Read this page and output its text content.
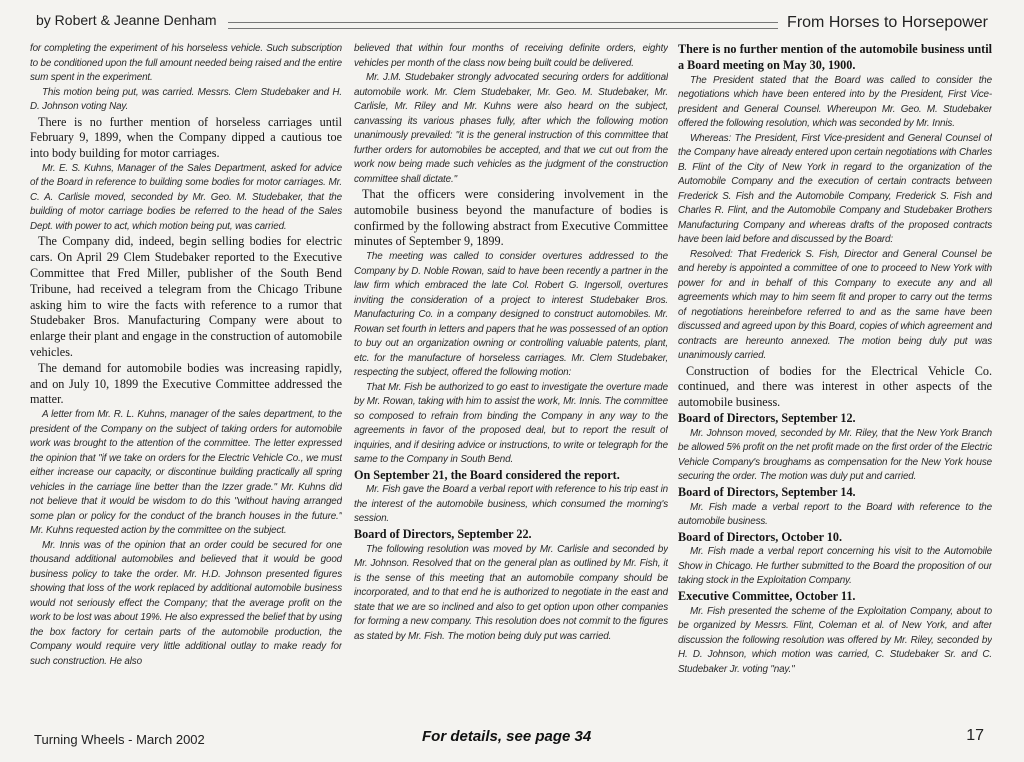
by Robert & Jeanne Denham	From Horses to Horsepower

for completing the experiment of his horseless vehicle. Such subscription to be conditioned upon the full amount needed being raised and the entire sum spent in the experiment.

This motion being put, was carried. Messrs. Clem Studebaker and H. D. Johnson voting Nay.

There is no further mention of horseless carriages until February 9, 1899, when the Company dipped a cautious toe into body building for motor carriages.

Mr. E. S. Kuhns, Manager of the Sales Department, asked for advice of the Board in reference to building some bodies for motor carriages. Mr. C. A. Carlisle moved, seconded by Mr. Geo. M. Studebaker, that the building of motor carriage bodies be referred to the head of the Sales Dept. with power to act, which motion being put, was carried.

The Company did, indeed, begin selling bodies for electric cars. On April 29 Clem Studebaker reported to the Executive Committee that Fred Miller, publisher of the South Bend Tribune, had received a telegram from the Chicago Tribune asking him to wire the facts with reference to a rumor that Studebaker Bros. Manufacturing Company were about to enlarge their plant and engage in the construction of automobile vehicles.

The demand for automobile bodies was increasing rapidly, and on July 10, 1899 the Executive Committee addressed the matter.

A letter from Mr. R. L. Kuhns, manager of the sales department, to the president of the Company on the subject of taking orders for automobile work was brought to the attention of the committee. The letter expressed the opinion that "if we take on orders for the Electric Vehicle Co., we must either increase our capacity, or discontinue building practically all spring vehicles in the carriage line better than the Izzer grade." Mr. Kuhns did not believe that it would be wisdom to do this "without having arranged some plan or policy for the conduct of the branch houses in the future." Mr. Kuhns requested action by the committee on the subject.

Mr. Innis was of the opinion that an order could be secured for one thousand additional automobiles and believed that it would be good business policy to take the order. Mr. H.D. Johnson presented figures showing that loss of the work replaced by additional automobile business would not seriously effect the Company; that the average profit on the work to be lost was about 19%. He also expressed the belief that by using the box factory for certain parts of the automobile production, the Company would require very little additional outlay to make ready for such construction. He also

believed that within four months of receiving definite orders, eighty vehicles per month of the class now being built could be delivered.

Mr. J.M. Studebaker strongly advocated securing orders for additional automobile work. Mr. Clem Studebaker, Mr. Geo. M. Studebaker, Mr. Carlisle, Mr. Riley and Mr. Kuhns were also heard on the subject, canvassing its various phases fully, after which the following motion unanimously prevailed: "it is the general instruction of this committee that further orders for automobiles be accepted, and that we cut out from the work now being made such vehicles as the judgment of the construction committee shall dictate."

That the officers were considering involvement in the automobile business beyond the manufacture of bodies is confirmed by the following abstract from Executive Committee minutes of September 9, 1899.

The meeting was called to consider overtures addressed to the Company by D. Noble Rowan, said to have been recently a partner in the law firm which embraced the late Col. Robert G. Ingersoll, overtures inviting the consideration of a project to interest Studebaker Bros. Manufacturing Co. in a company designed to construct automobiles. Mr. Rowan set fourth in letters and papers that he was possessed of an option to buy out an organization owning or controlling valuable patents, plant, etc. for the manufacture of horseless carriages. Mr. Clem Studebaker, respecting the subject, offered the following motion:

That Mr. Fish be authorized to go east to investigate the overture made by Mr. Rowan, taking with him to assist the work, Mr. Innis. The committee so composed to refrain from binding the Company in any way to the agreements in favor of the proposed deal, but to report the result of inquiries, and if desiring advice or instructions, to write or telegraph for the same to the Company in South Bend.

On September 21, the Board considered the report.

Mr. Fish gave the Board a verbal report with reference to his trip east in the interest of the automobile business, which consumed the morning's session.

Board of Directors, September 22.

The following resolution was moved by Mr. Carlisle and seconded by Mr. Johnson. Resolved that on the general plan as outlined by Mr. Fish, it is the sense of this meeting that an automobile company should be incorporated, and to that end he is authorized to negotiate in the east and state that we are so inclined and also to get option upon other companies for forming a new company. This resolution does not commit to the figures as stated by Mr. Fish. The motion being duly put was carried.

There is no further mention of the automobile business until a Board meeting on May 30, 1900.

The President stated that the Board was called to consider the negotiations which have been entered into by the President, First Vice-president and General Counsel. Whereupon Mr. Geo. M. Studebaker offered the following resolution, which was seconded by Mr. Innis.

Whereas: The President, First Vice-president and General Counsel of the Company have already entered upon certain negotiations with Charles B. Flint of the City of New York in regard to the organization of the Automobile Company and the execution of certain contracts between Frederick S. Fish and the Automobile Company, Frederick S. Fish and Charles R. Flint, and the Automobile Company and Studebaker Brothers Manufacturing Company and whereas drafts of the proposed contracts have been laid before and discussed by the Board:

Resolved: That Frederick S. Fish, Director and General Counsel be and hereby is appointed a committee of one to proceed to New York with power for and in behalf of this Company to execute any and all agreements which may to him seem fit and proper to carry out the terms of negotiations hereinbefore referred to and as the same have been discussed and agreed upon by this Board, copies of which agreement and contracts are hereunto annexed. The motion being duly put was unanimously carried.

Construction of bodies for the Electrical Vehicle Co. continued, and there was interest in other aspects of the automobile business.

Board of Directors, September 12.

Mr. Johnson moved, seconded by Mr. Riley, that the New York Branch be allowed 5% profit on the net profit made on the first order of the Electric Vehicle Company's broughams as compensation for the New York house securing the order. The motion was duly put and carried.

Board of Directors, September 14.

Mr. Fish made a verbal report to the Board with reference to the automobile business.

Board of Directors, October 10.

Mr. Fish made a verbal report concerning his visit to the Automobile Show in Chicago. He further submitted to the Board the proposition of our taking stock in the Exploitation Company.

Executive Committee, October 11.

Mr. Fish presented the scheme of the Exploitation Company, about to be organized by Messrs. Flint, Coleman et al. of New York, and after discussion the following resolution was offered by Mr. Riley, seconded by H. D. Johnson, which motion was carried, C. Studebaker Sr. and C. Studebaker Jr. voting "nay."

Turning Wheels - March 2002	For details, see page 34	17
